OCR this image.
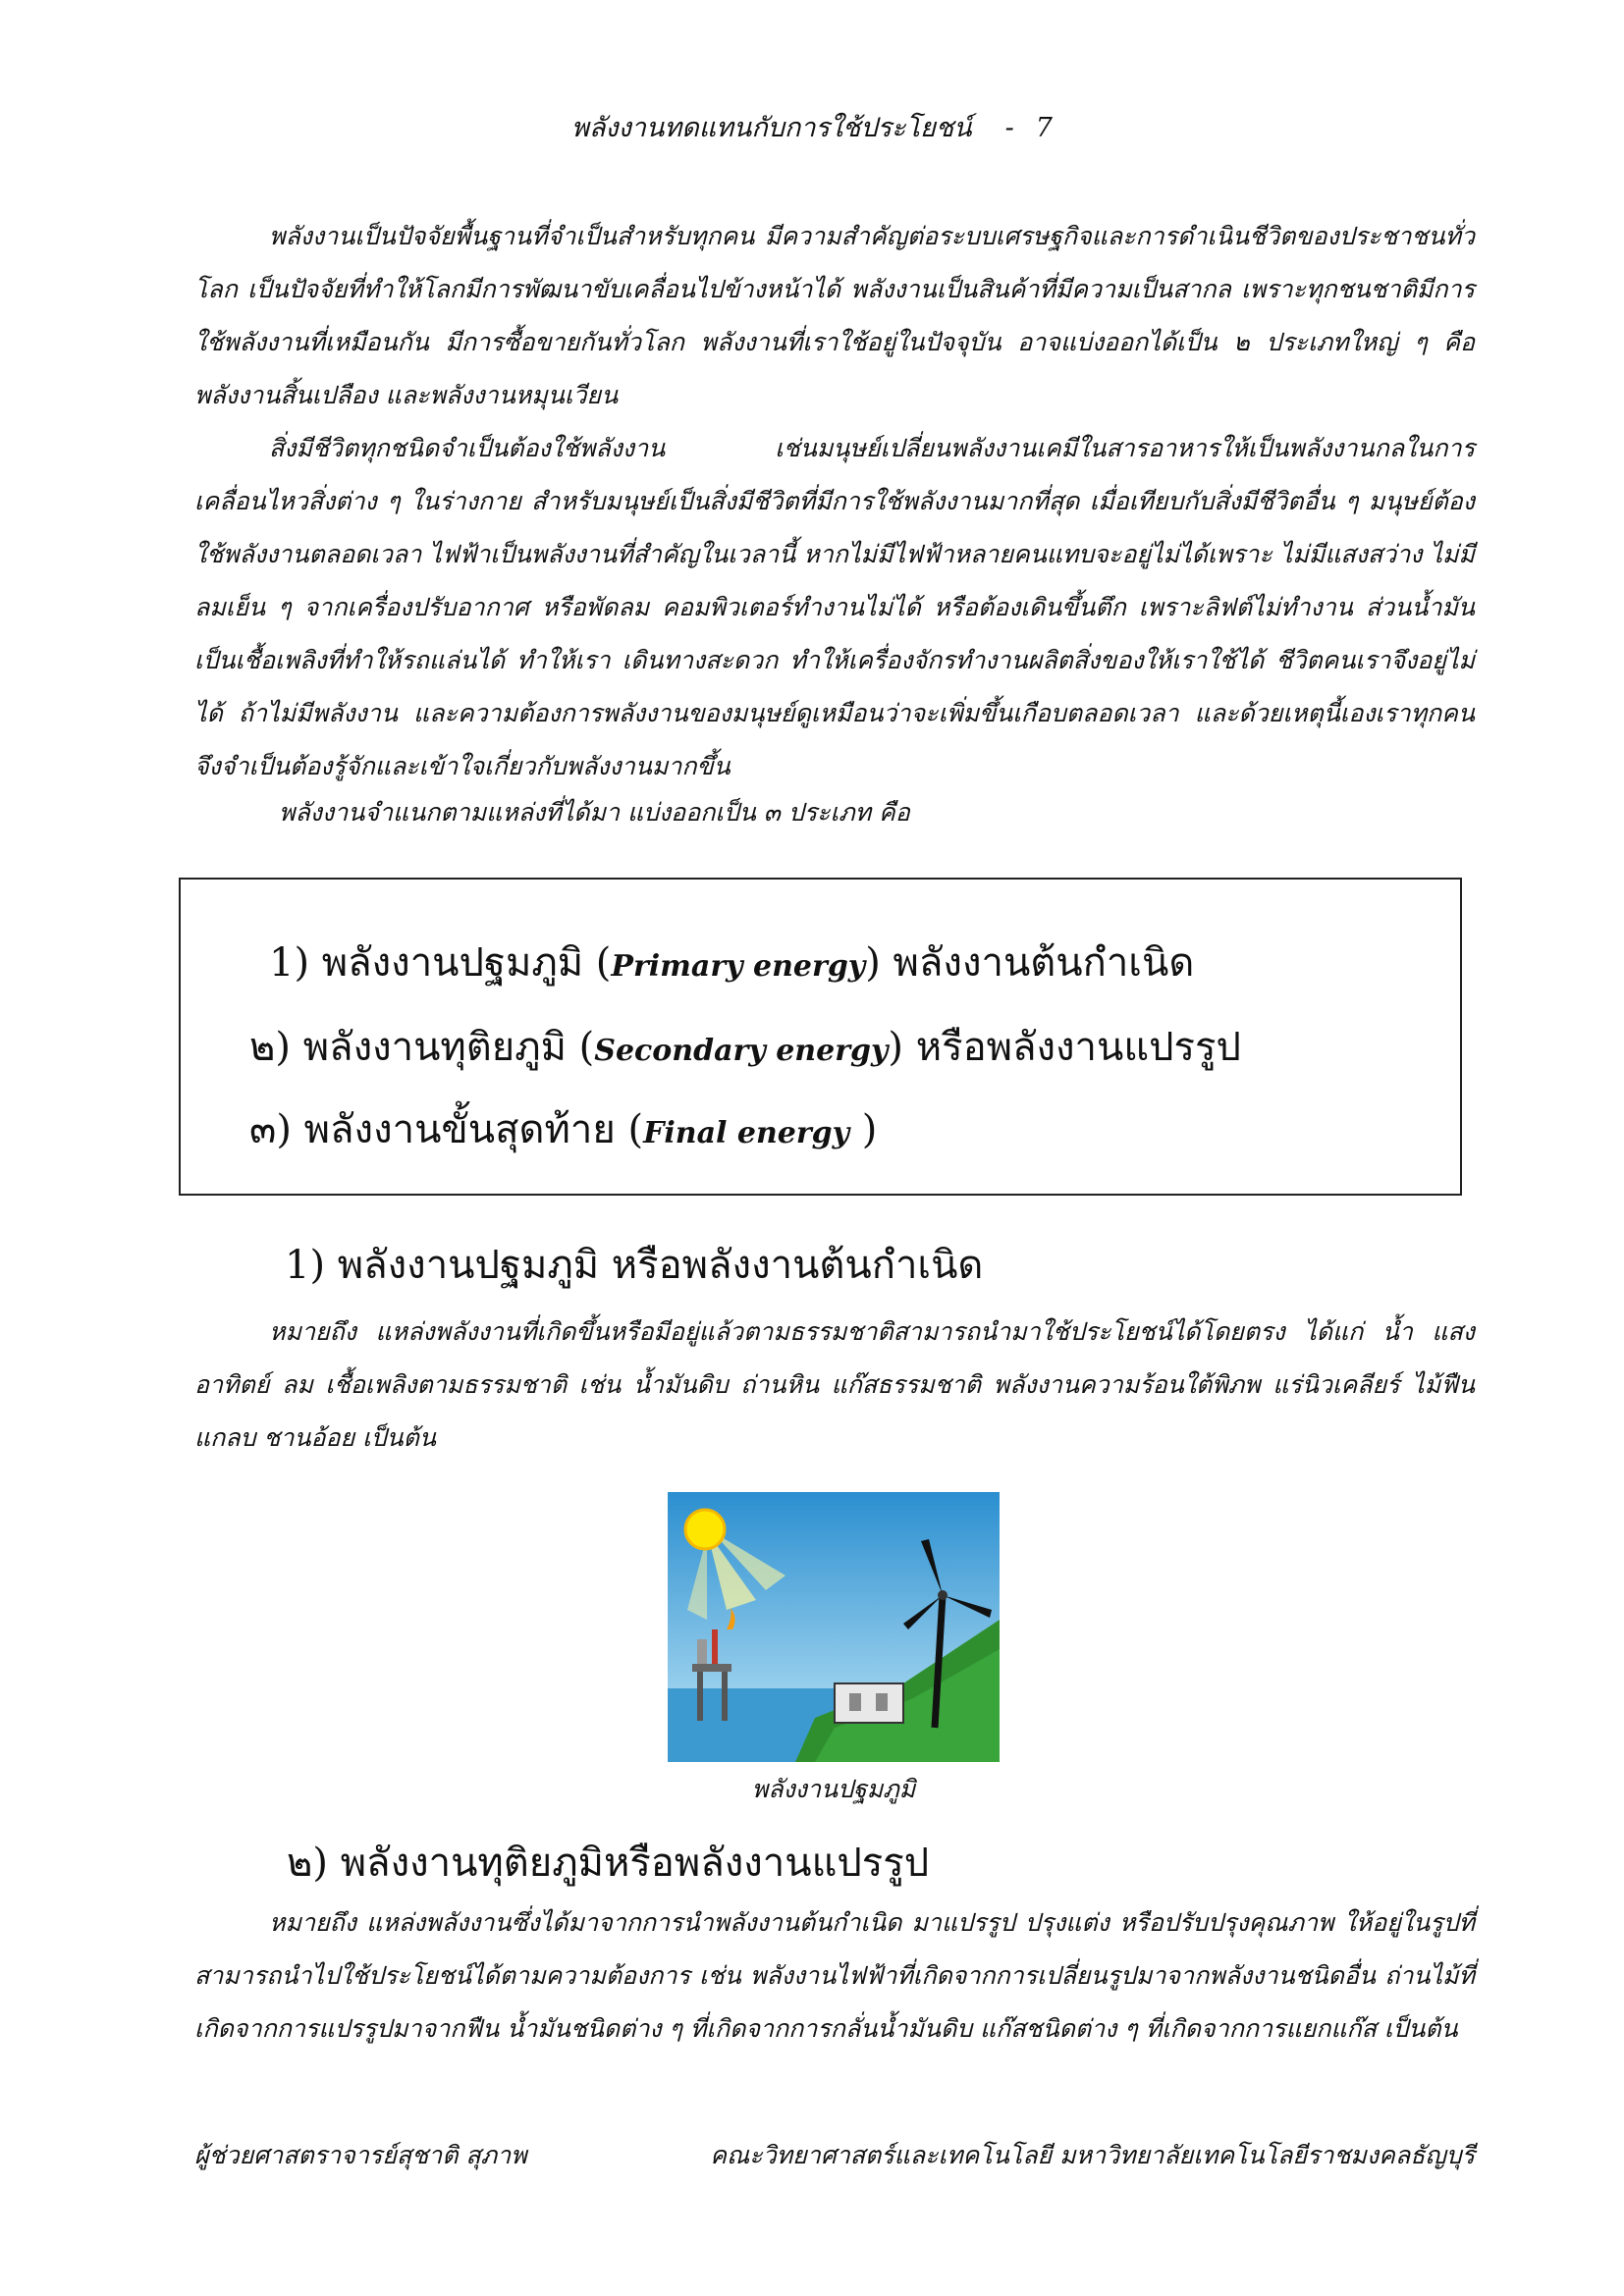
พลังงานทดแทนกับการใช้ประโยชน์ - 7

พลังงานเป็นปัจจัยพื้นฐานที่จำเป็นสำหรับทุกคน มีความสำคัญต่อระบบเศรษฐกิจและการดำเนินชีวิตของประชาชนทั่วโลก เป็นปัจจัยที่ทำให้โลกมีการพัฒนาขับเคลื่อนไปข้างหน้าได้ พลังงานเป็นสินค้าที่มีความเป็นสากล เพราะทุกชนชาติมีการใช้พลังงานที่เหมือนกัน มีการซื้อขายกันทั่วโลก พลังงานที่เราใช้อยู่ในปัจจุบัน อาจแบ่งออกได้เป็น ๒ ประเภทใหญ่ ๆ คือ พลังงานสิ้นเปลือง และพลังงานหมุนเวียน

สิ่งมีชีวิตทุกชนิดจำเป็นต้องใช้พลังงาน เช่นมนุษย์เปลี่ยนพลังงานเคมีในสารอาหารให้เป็นพลังงานกลในการเคลื่อนไหวสิ่งต่าง ๆ ในร่างกาย สำหรับมนุษย์เป็นสิ่งมีชีวิตที่มีการใช้พลังงานมากที่สุด เมื่อเทียบกับสิ่งมีชีวิตอื่น ๆ มนุษย์ต้องใช้พลังงานตลอดเวลา ไฟฟ้าเป็นพลังงานที่สำคัญในเวลานี้ หากไม่มีไฟฟ้าหลายคนแทบจะอยู่ไม่ได้เพราะ ไม่มีแสงสว่าง ไม่มีลมเย็น ๆ จากเครื่องปรับอากาศ หรือพัดลม คอมพิวเตอร์ทำงานไม่ได้ หรือต้องเดินขึ้นตึก เพราะลิฟต์ไม่ทำงาน ส่วนน้ำมันเป็นเชื้อเพลิงที่ทำให้รถแล่นได้ ทำให้เรา เดินทางสะดวก ทำให้เครื่องจักรทำงานผลิตสิ่งของให้เราใช้ได้ ชีวิตคนเราจึงอยู่ไม่ได้ ถ้าไม่มีพลังงาน และความต้องการพลังงานของมนุษย์ดูเหมือนว่าจะเพิ่มขึ้นเกือบตลอดเวลา และด้วยเหตุนี้เองเราทุกคนจึงจำเป็นต้องรู้จักและเข้าใจเกี่ยวกับพลังงานมากขึ้น

พลังงานจำแนกตามแหล่งที่ได้มา แบ่งออกเป็น ๓ ประเภท คือ
1) พลังงานปฐมภูมิ (Primary energy) พลังงานต้นกำเนิด
๒) พลังงานทุติยภูมิ (Secondary energy) หรือพลังงานแปรรูป
๓) พลังงานขั้นสุดท้าย (Final energy )
1) พลังงานปฐมภูมิ หรือพลังงานต้นกำเนิด

หมายถึง แหล่งพลังงานที่เกิดขึ้นหรือมีอยู่แล้วตามธรรมชาติสามารถนำมาใช้ประโยชน์ได้โดยตรง ได้แก่ น้ำ แสงอาทิตย์ ลม เชื้อเพลิงตามธรรมชาติ เช่น น้ำมันดิบ ถ่านหิน แก๊สธรรมชาติ พลังงานความร้อนใต้พิภพ แร่นิวเคลียร์ ไม้ฟืน แกลบ ชานอ้อย เป็นต้น

พลังงานปฐมภูมิ
๒) พลังงานทุติยภูมิหรือพลังงานแปรรูป

หมายถึง แหล่งพลังงานซึ่งได้มาจากการนำพลังงานต้นกำเนิด มาแปรรูป ปรุงแต่ง หรือปรับปรุงคุณภาพ ให้อยู่ในรูปที่สามารถนำไปใช้ประโยชน์ได้ตามความต้องการ เช่น พลังงานไฟฟ้าที่เกิดจากการเปลี่ยนรูปมาจากพลังงานชนิดอื่น ถ่านไม้ที่เกิดจากการแปรรูปมาจากฟืน น้ำมันชนิดต่าง ๆ ที่เกิดจากการกลั่นน้ำมันดิบ แก๊สชนิดต่าง ๆ ที่เกิดจากการแยกแก๊ส เป็นต้น

ผู้ช่วยศาสตราจารย์สุชาติ สุภาพ	คณะวิทยาศาสตร์และเทคโนโลยี มหาวิทยาลัยเทคโนโลยีราชมงคลธัญบุรี
